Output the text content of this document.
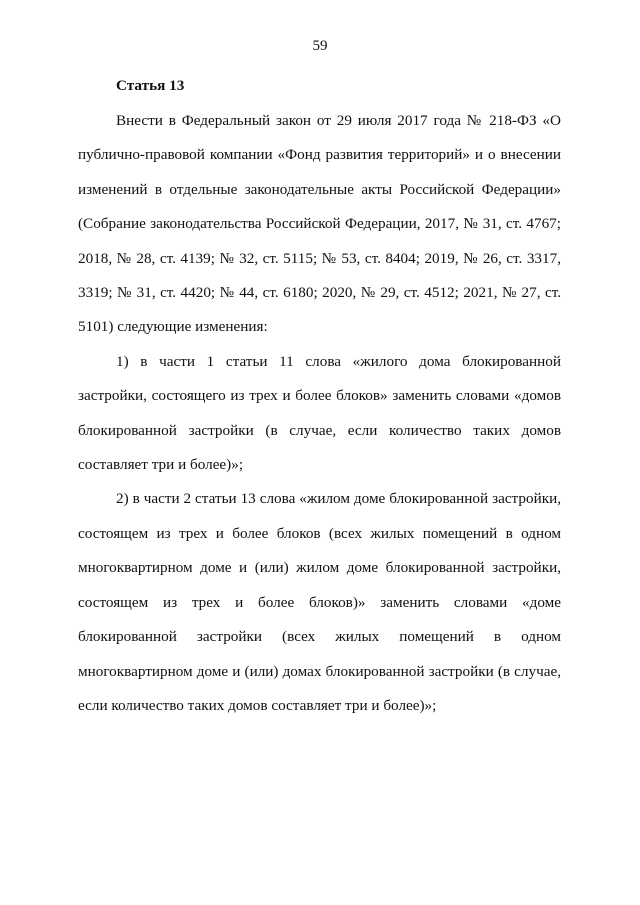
59
Статья 13

Внести в Федеральный закон от 29 июля 2017 года № 218-ФЗ «О публично-правовой компании «Фонд развития территорий» и о внесении изменений в отдельные законодательные акты Российской Федерации» (Собрание законодательства Российской Федерации, 2017, № 31, ст. 4767; 2018, № 28, ст. 4139; № 32, ст. 5115; № 53, ст. 8404; 2019, № 26, ст. 3317, 3319; № 31, ст. 4420; № 44, ст. 6180; 2020, № 29, ст. 4512; 2021, № 27, ст. 5101) следующие изменения:

1) в части 1 статьи 11 слова «жилого дома блокированной застройки, состоящего из трех и более блоков» заменить словами «домов блокированной застройки (в случае, если количество таких домов составляет три и более)»;

2) в части 2 статьи 13 слова «жилом доме блокированной застройки, состоящем из трех и более блоков (всех жилых помещений в одном многоквартирном доме и (или) жилом доме блокированной застройки, состоящем из трех и более блоков)» заменить словами «доме блокированной застройки (всех жилых помещений в одном многоквартирном доме и (или) домах блокированной застройки (в случае, если количество таких домов составляет три и более)»;
